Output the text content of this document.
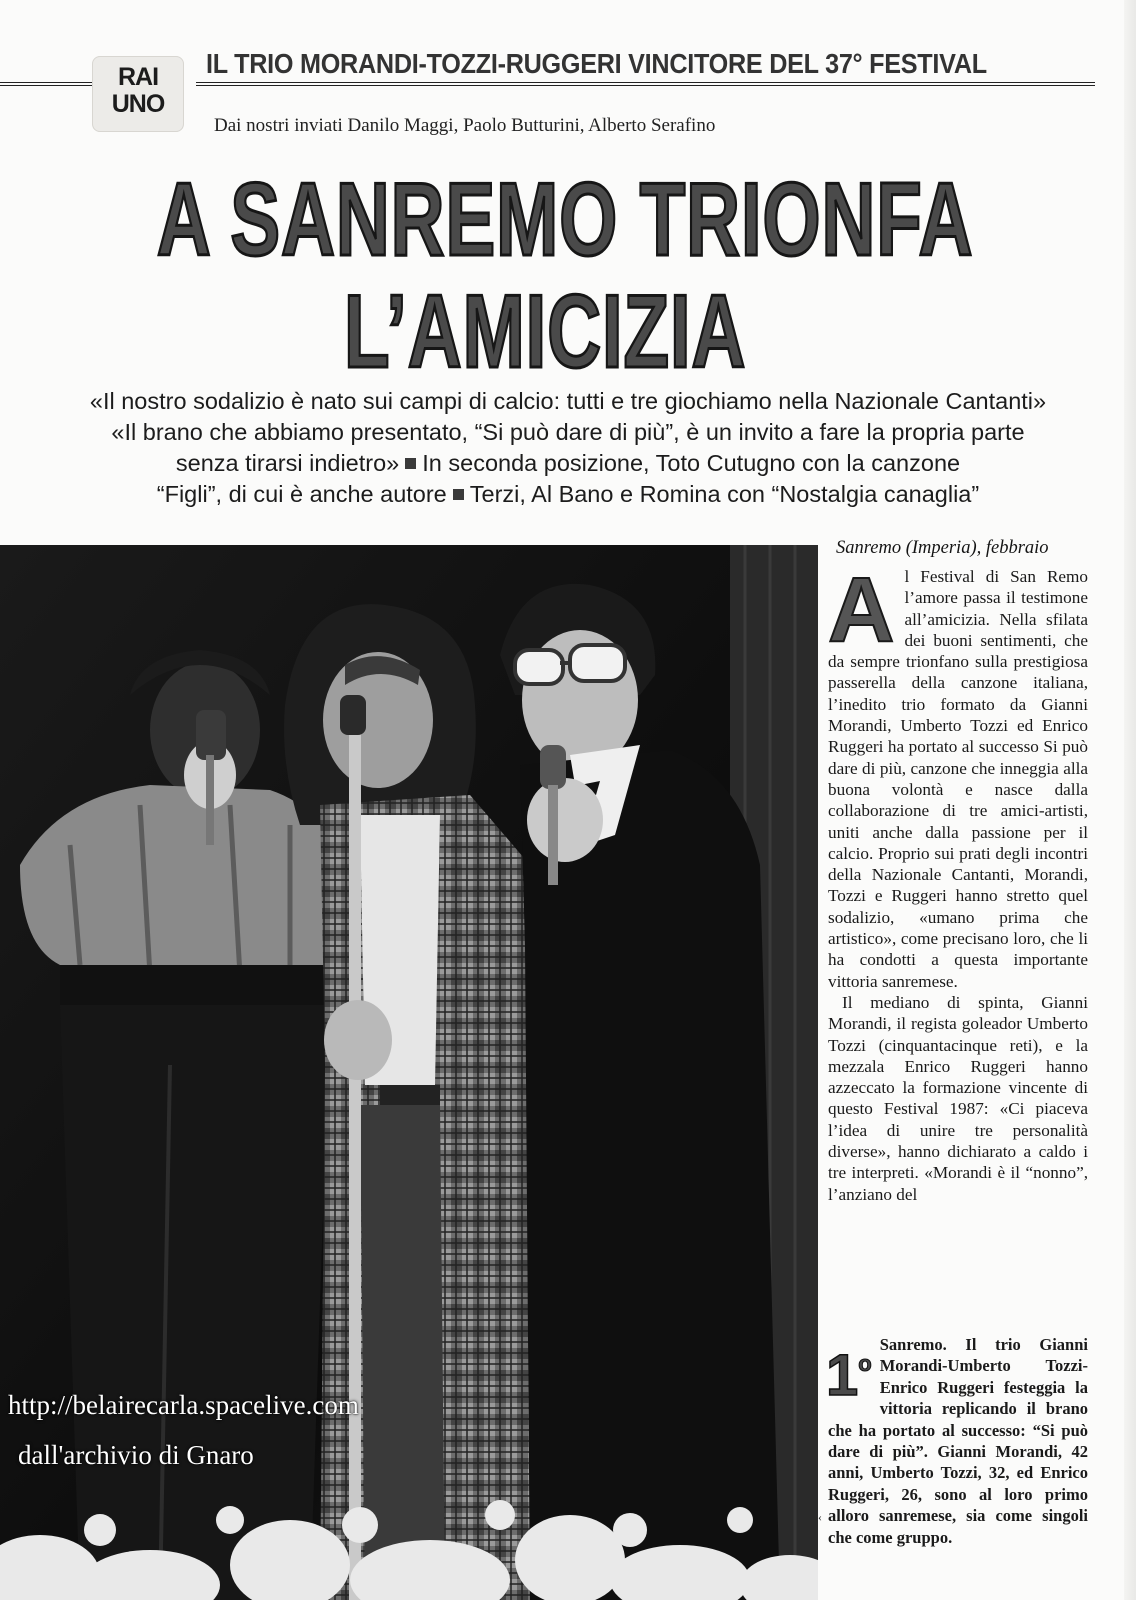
RAI
UNO
IL TRIO MORANDI-TOZZI-RUGGERI VINCITORE DEL 37° FESTIVAL
Dai nostri inviati Danilo Maggi, Paolo Butturini, Alberto Serafino
A SANREMO TRIONFA
L’AMICIZIA
«Il nostro sodalizio è nato sui campi di calcio: tutti e tre giochiamo nella Nazionale Cantanti»
«Il brano che abbiamo presentato, “Si può dare di più”, è un invito a fare la propria parte
senza tirarsi indietro» In seconda posizione, Toto Cutugno con la canzone
“Figli”, di cui è anche autore Terzi, Al Bano e Romina con “Nostalgia canaglia”
http://belairecarla.spacelive.com
dall'archivio di Gnaro
Sanremo (Imperia), febbraio

Al Festival di San Remo l’amore passa il testimone all’amicizia. Nella sfilata dei buoni sentimenti, che da sempre trionfano sulla prestigiosa passerella della canzone italiana, l’inedito trio formato da Gianni Morandi, Umberto Tozzi ed Enrico Ruggeri ha portato al successo Si può dare di più, canzone che inneggia alla buona volontà e nasce dalla collaborazione di tre amici-artisti, uniti anche dalla passione per il calcio. Proprio sui prati degli incontri della Nazionale Cantanti, Morandi, Tozzi e Ruggeri hanno stretto quel sodalizio, «umano prima che artistico», come precisano loro, che li ha condotti a questa importante vittoria sanremese.

Il mediano di spinta, Gianni Morandi, il regista goleador Umberto Tozzi (cinquantacinque reti), e la mezzala Enrico Ruggeri hanno azzeccato la formazione vincente di questo Festival 1987: «Ci piaceva l’idea di unire tre personalità diverse», hanno dichiarato a caldo i tre interpreti. «Morandi è il “nonno”, l’anziano del

1$^o$
Sanremo. Il trio Gianni Morandi-Umberto Tozzi-Enrico Ruggeri festeggia la vittoria replicando il brano che ha portato al successo: “Si può dare di più”. Gianni Morandi, 42 anni, Umberto Tozzi, 32, ed Enrico Ruggeri, 26, sono al loro primo alloro sanremese, sia come singoli che come gruppo.
‹
